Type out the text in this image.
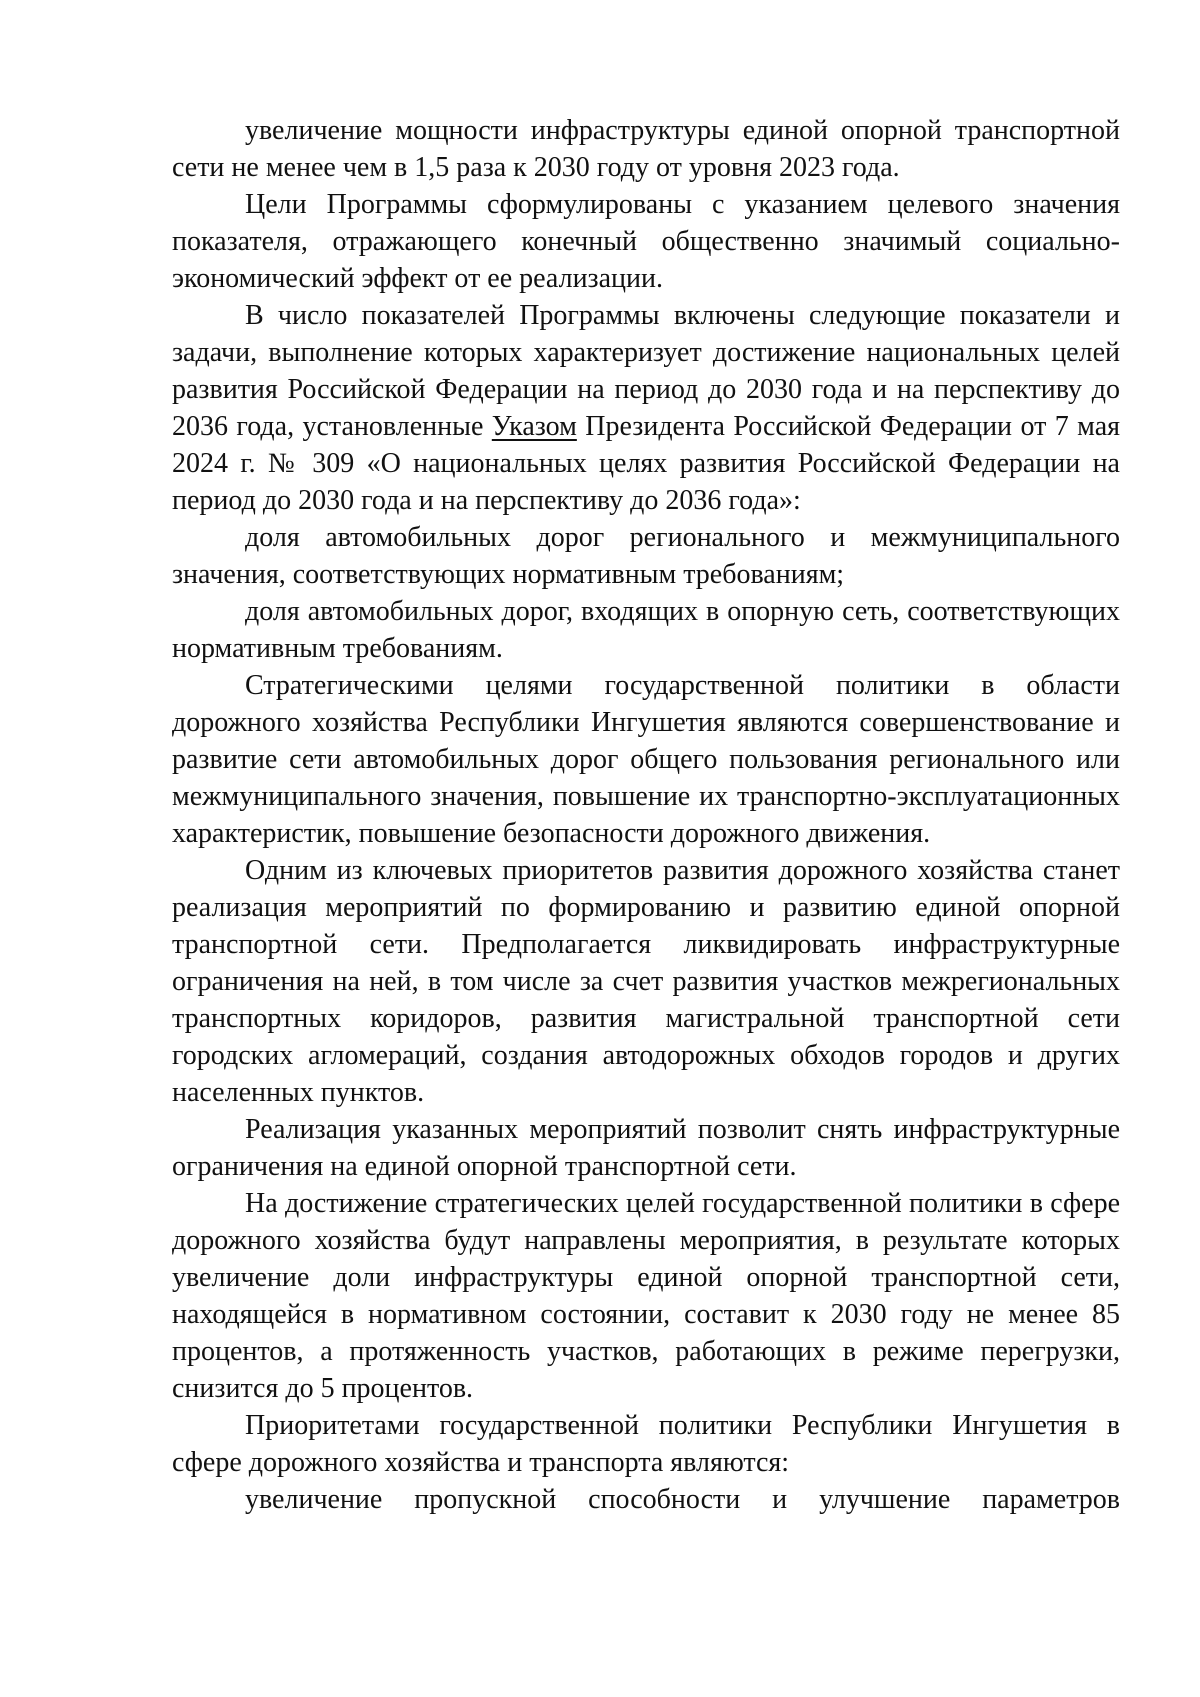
увеличение мощности инфраструктуры единой опорной транспортной сети не менее чем в 1,5 раза к 2030 году от уровня 2023 года.

Цели Программы сформулированы с указанием целевого значения показателя, отражающего конечный общественно значимый социально-экономический эффект от ее реализации.

В число показателей Программы включены следующие показатели и задачи, выполнение которых характеризует достижение национальных целей развития Российской Федерации на период до 2030 года и на перспективу до 2036 года, установленные Указом Президента Российской Федерации от 7 мая 2024 г. № 309 «О национальных целях развития Российской Федерации на период до 2030 года и на перспективу до 2036 года»:

доля автомобильных дорог регионального и межмуниципального значения, соответствующих нормативным требованиям;

доля автомобильных дорог, входящих в опорную сеть, соответствующих нормативным требованиям.

Стратегическими целями государственной политики в области дорожного хозяйства Республики Ингушетия являются совершенствование и развитие сети автомобильных дорог общего пользования регионального или межмуниципального значения, повышение их транспортно-эксплуатационных характеристик, повышение безопасности дорожного движения.

Одним из ключевых приоритетов развития дорожного хозяйства станет реализация мероприятий по формированию и развитию единой опорной транспортной сети. Предполагается ликвидировать инфраструктурные ограничения на ней, в том числе за счет развития участков межрегиональных транспортных коридоров, развития магистральной транспортной сети городских агломераций, создания автодорожных обходов городов и других населенных пунктов.

Реализация указанных мероприятий позволит снять инфраструктурные ограничения на единой опорной транспортной сети.

На достижение стратегических целей государственной политики в сфере дорожного хозяйства будут направлены мероприятия, в результате которых увеличение доли инфраструктуры единой опорной транспортной сети, находящейся в нормативном состоянии, составит к 2030 году не менее 85 процентов, а протяженность участков, работающих в режиме перегрузки, снизится до 5 процентов.

Приоритетами государственной политики Республики Ингушетия в сфере дорожного хозяйства и транспорта являются:

увеличение пропускной способности и улучшение параметров
